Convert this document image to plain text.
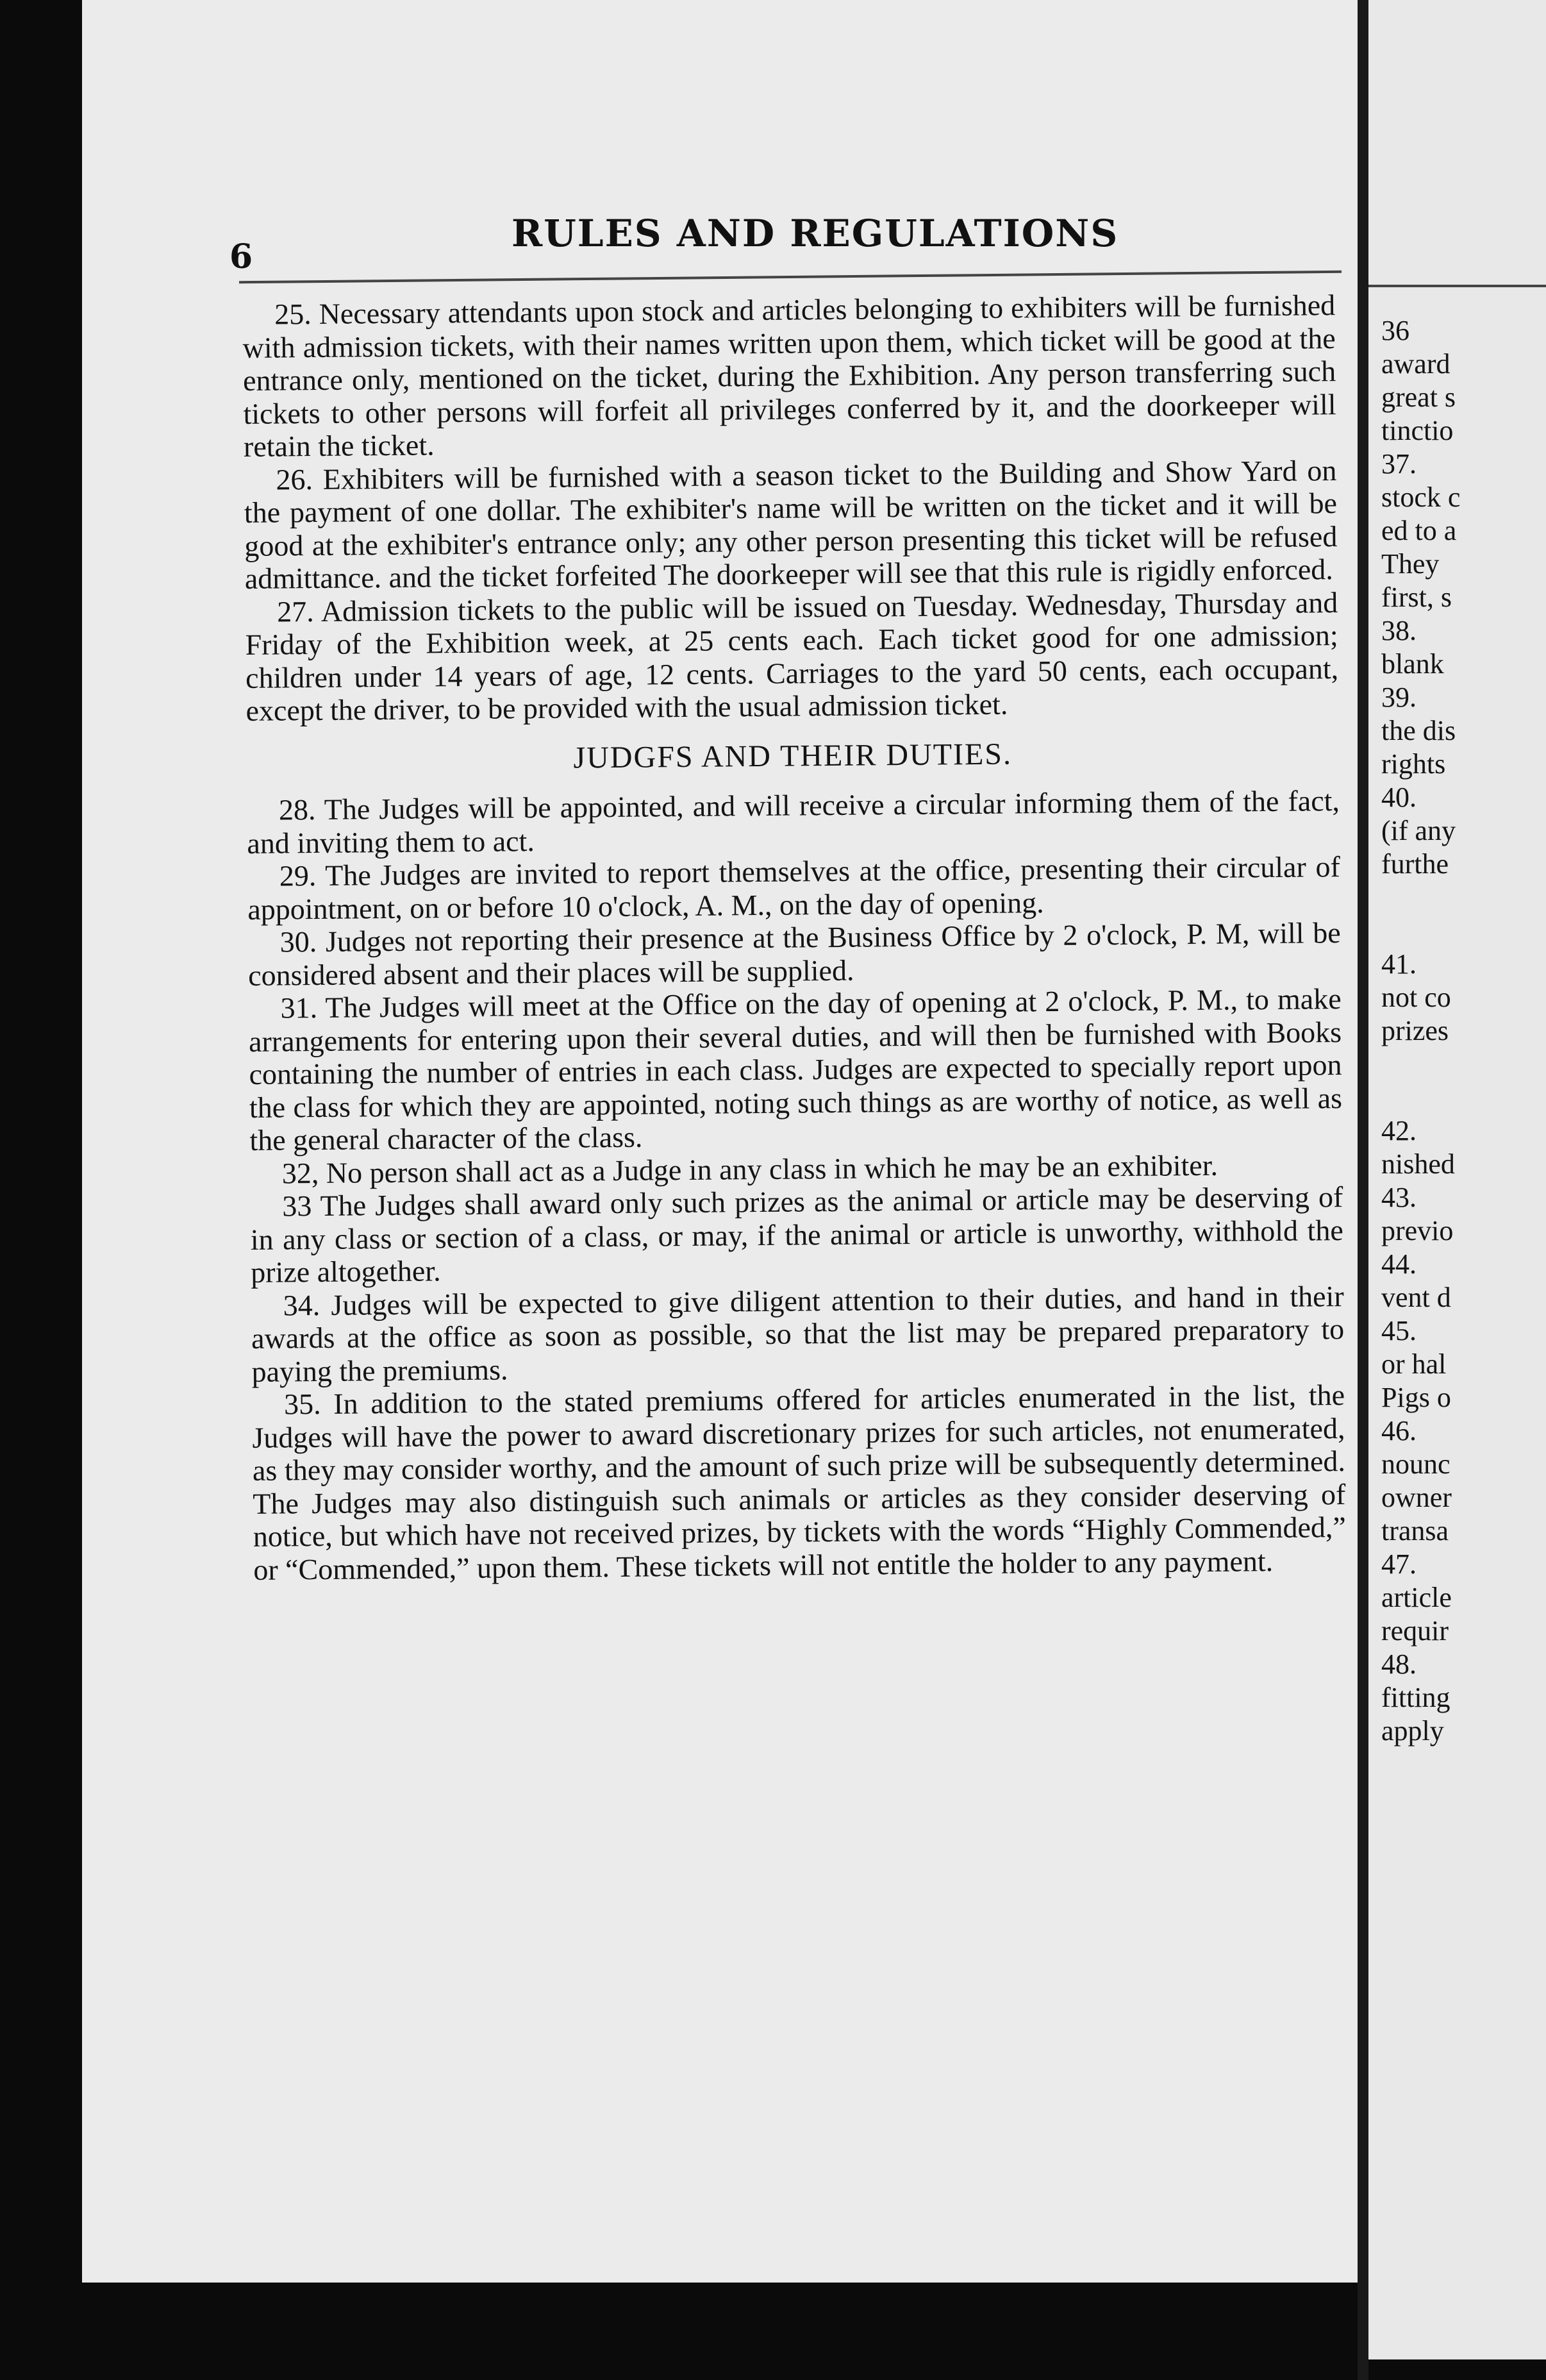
6
RULES AND REGULATIONS

25. Necessary attendants upon stock and articles belonging to exhibiters will be furnished with admission tickets, with their names written upon them, which ticket will be good at the entrance only, mentioned on the ticket, during the Exhibition. Any person transferring such tickets to other persons will forfeit all privileges conferred by it, and the doorkeeper will retain the ticket.

26. Exhibiters will be furnished with a season ticket to the Building and Show Yard on the payment of one dollar. The exhibiter's name will be written on the ticket and it will be good at the exhibiter's entrance only; any other person presenting this ticket will be refused admittance. and the ticket forfeited The doorkeeper will see that this rule is rigidly enforced.

27. Admission tickets to the public will be issued on Tuesday. Wednesday, Thursday and Friday of the Exhibition week, at 25 cents each. Each ticket good for one admission; children under 14 years of age, 12 cents. Carriages to the yard 50 cents, each occupant, except the driver, to be provided with the usual admission ticket.

JUDGFS AND THEIR DUTIES.

28. The Judges will be appointed, and will receive a circular informing them of the fact, and inviting them to act.

29. The Judges are invited to report themselves at the office, presenting their circular of appointment, on or before 10 o'clock, A. M., on the day of opening.

30. Judges not reporting their presence at the Business Office by 2 o'clock, P. M, will be considered absent and their places will be supplied.

31. The Judges will meet at the Office on the day of opening at 2 o'clock, P. M., to make arrangements for entering upon their several duties, and will then be furnished with Books containing the number of entries in each class. Judges are expected to specially report upon the class for which they are appointed, noting such things as are worthy of notice, as well as the general character of the class.

32, No person shall act as a Judge in any class in which he may be an exhibiter.

33 The Judges shall award only such prizes as the animal or article may be deserving of in any class or section of a class, or may, if the animal or article is unworthy, withhold the prize altogether.

34. Judges will be expected to give diligent attention to their duties, and hand in their awards at the office as soon as possible, so that the list may be prepared preparatory to paying the premiums.

35. In addition to the stated premiums offered for articles enumerated in the list, the Judges will have the power to award discretionary prizes for such articles, not enumerated, as they may consider worthy, and the amount of such prize will be subsequently determined. The Judges may also distinguish such animals or articles as they consider deserving of notice, but which have not received prizes, by tickets with the words “Highly Commended,” or “Commended,” upon them. These tickets will not entitle the holder to any payment.

36
award
great s
tinctio
37.
stock c
ed to a
They
first, s
38.
blank
39.
the dis
rights
40.
(if any
furthe

41.
not co
prizes

42.
nished
43.
previo
44.
vent d
45.
or hal
Pigs o
46.
nounc
owner
transa
47.
article
requir
48.
fitting
apply
